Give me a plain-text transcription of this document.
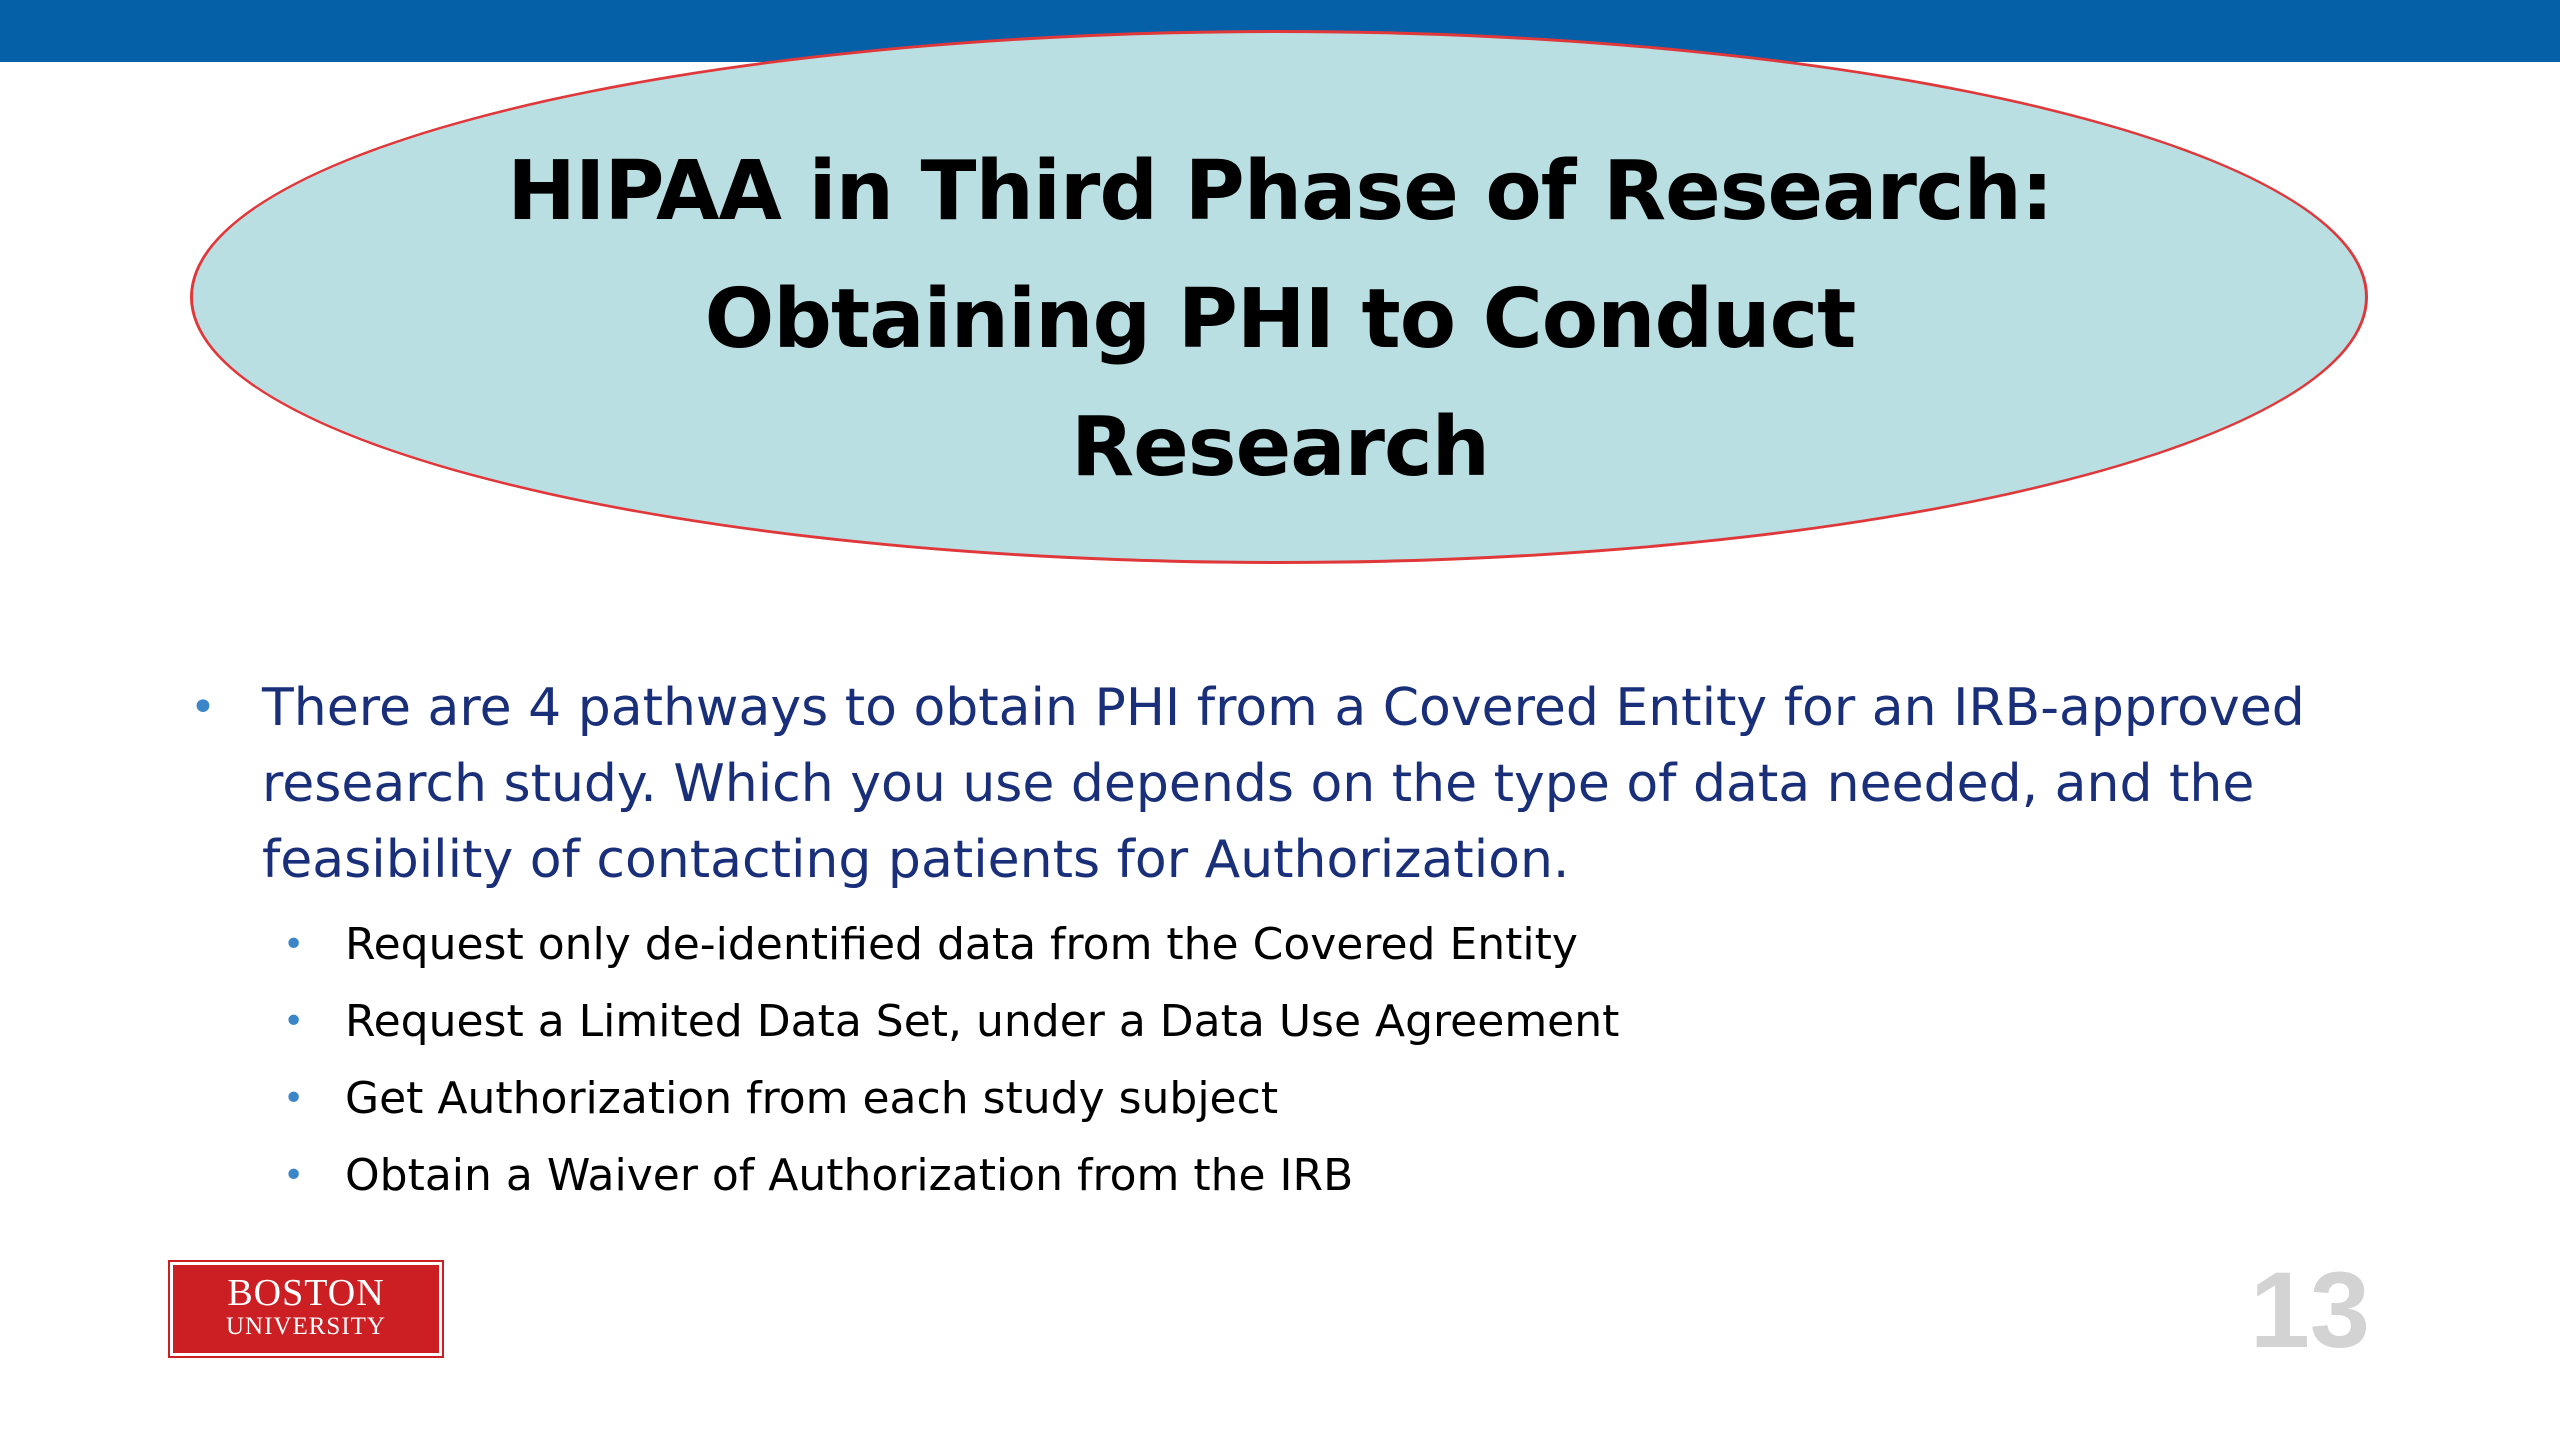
HIPAA in Third Phase of Research:
Obtaining PHI to Conduct
Research

• There are 4 pathways to obtain PHI from a Covered Entity for an IRB-approved research study. Which you use depends on the type of data needed, and the feasibility of contacting patients for Authorization.

• Request only de-identified data from the Covered Entity
• Request a Limited Data Set, under a Data Use Agreement
• Get Authorization from each study subject
• Obtain a Waiver of Authorization from the IRB
BOSTON
UNIVERSITY	13
